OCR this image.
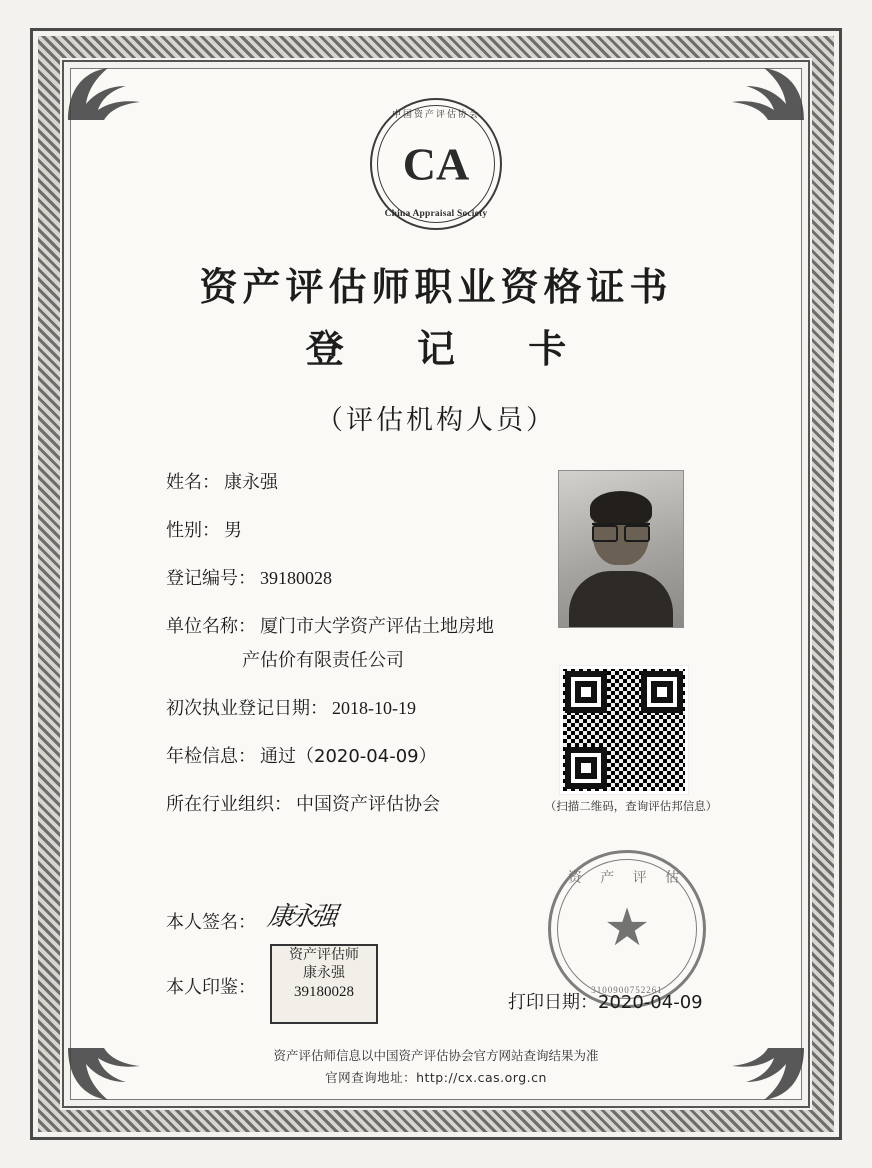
中国资产评估协会
CA
China Appraisal Society
资产评估师职业资格证书
登 记 卡
（评估机构人员）
姓名： 康永强
性别： 男
登记编号： 39180028
单位名称： 厦门市大学资产评估土地房地
产估价有限责任公司
初次执业登记日期： 2018-10-19
年检信息： 通过（2020-04-09）
所在行业组织： 中国资产评估协会	（扫描二维码，查询评估邦信息）
本人签名： 康永强
本人印鉴：
资产评估师
康永强
39180028
资 产 评 估
★
3100900752261
打印日期：2020-04-09
资产评估师信息以中国资产评估协会官方网站查询结果为准
官网查询地址：http://cx.cas.org.cn
